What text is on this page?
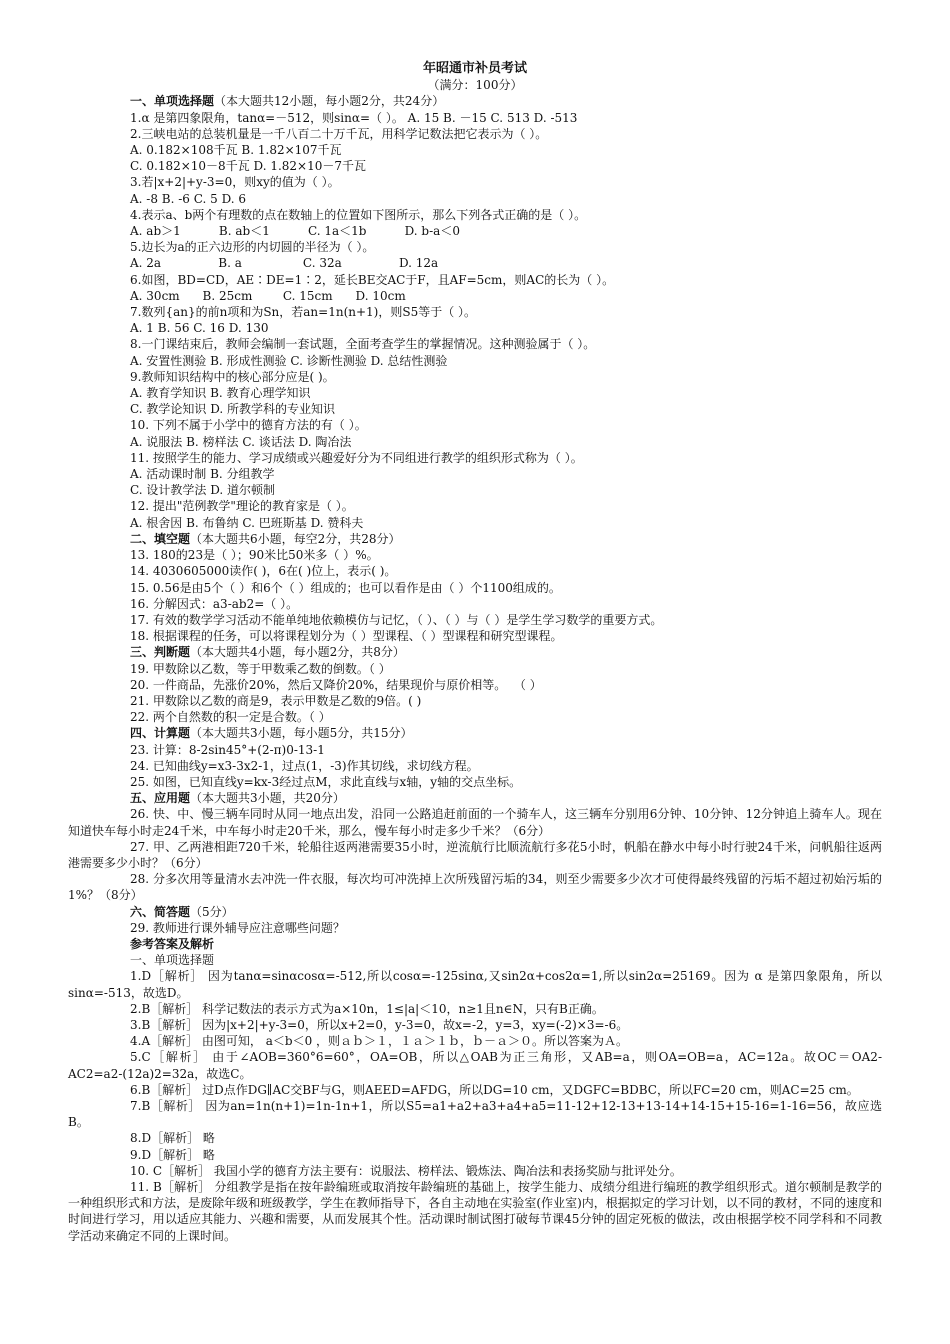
年昭通市补员考试
（满分：100分）
一、单项选择题（本大题共12小题，每小题2分，共24分）
1.α 是第四象限角，tanα=－512，则sinα=（ ）。 A. 15 B. －15 C. 513 D. -513
2.三峡电站的总装机量是一千八百二十万千瓦，用科学记数法把它表示为（ ）。
A. 0.182×108千瓦 B. 1.82×107千瓦
C. 0.182×10－8千瓦 D. 1.82×10－7千瓦
3.若|x+2|+y-3=0，则xy的值为（ ）。
A. -8 B. -6 C. 5 D. 6
4.表示a、b两个有理数的点在数轴上的位置如下图所示，那么下列各式正确的是（ ）。
A. ab＞1          B. ab＜1          C. 1a＜1b          D. b-a＜0
5.边长为a的正六边形的内切圆的半径为（ ）。
A. 2a               B. a                C. 32a               D. 12a
6.如图，BD=CD，AE∶DE=1∶2，延长BE交AC于F，且AF=5cm，则AC的长为（ ）。
A. 30cm      B. 25cm        C. 15cm      D. 10cm
7.数列{an}的前n项和为Sn，若an=1n(n+1)，则S5等于（ ）。
A. 1 B. 56 C. 16 D. 130
8.一门课结束后，教师会编制一套试题，全面考查学生的掌握情况。这种测验属于（ ）。
A. 安置性测验 B. 形成性测验 C. 诊断性测验 D. 总结性测验
9.教师知识结构中的核心部分应是( )。
A. 教育学知识 B. 教育心理学知识
C. 教学论知识 D. 所教学科的专业知识
10. 下列不属于小学中的德育方法的有（ ）。
A. 说服法 B. 榜样法 C. 谈话法 D. 陶冶法
11. 按照学生的能力、学习成绩或兴趣爱好分为不同组进行教学的组织形式称为（ ）。
A. 活动课时制 B. 分组教学
C. 设计教学法 D. 道尔顿制
12. 提出"范例教学"理论的教育家是（ ）。
A. 根舍因 B. 布鲁纳 C. 巴班斯基 D. 赞科夫
二、填空题（本大题共6小题，每空2分，共28分）
13. 180的23是（ ）；90米比50米多（ ）%。
14. 4030605000读作( )，6在( )位上，表示( )。
15. 0.56是由5个（ ）和6个（ ）组成的；也可以看作是由（ ）个1100组成的。
16. 分解因式：a3-ab2=（ ）。
17. 有效的数学学习活动不能单纯地依赖模仿与记忆，（ ）、（ ）与（ ）是学生学习数学的重要方式。
18. 根据课程的任务，可以将课程划分为（ ）型课程、（ ）型课程和研究型课程。
三、判断题（本大题共4小题，每小题2分，共8分）
19. 甲数除以乙数，等于甲数乘乙数的倒数。（ ）
20. 一件商品，先涨价20%，然后又降价20%，结果现价与原价相等。  （ ）
21. 甲数除以乙数的商是9，表示甲数是乙数的9倍。( )
22. 两个自然数的积一定是合数。（ ）
四、计算题（本大题共3小题，每小题5分，共15分）
23. 计算：8-2sin45°+(2-π)0-13-1
24. 已知曲线y=x3-3x2-1，过点(1，-3)作其切线，求切线方程。
25. 如图，已知直线y=kx-3经过点M，求此直线与x轴，y轴的交点坐标。
五、应用题（本大题共3小题，共20分）
26. 快、中、慢三辆车同时从同一地点出发，沿同一公路追赶前面的一个骑车人，这三辆车分别用6分钟、10分钟、12分钟追上骑车人。现在知道快车每小时走24千米，中车每小时走20千米，那么，慢车每小时走多少千米？（6分）
27. 甲、乙两港相距720千米，轮船往返两港需要35小时，逆流航行比顺流航行多花5小时，帆船在静水中每小时行驶24千米，问帆船往返两港需要多少小时？（6分）
28. 分多次用等量清水去冲洗一件衣服，每次均可冲洗掉上次所残留污垢的34，则至少需要多少次才可使得最终残留的污垢不超过初始污垢的1%？（8分）
六、简答题（5分）
29. 教师进行课外辅导应注意哪些问题？
参考答案及解析
一、单项选择题
1.D［解析］ 因为tanα=sinαcosα=-512,所以cosα=-125sinα,又sin2α+cos2α=1,所以sin2α=25169。因为 α 是第四象限角，所以sinα=-513，故选D。
2.B［解析］ 科学记数法的表示方式为a×10n，1≤|a|＜10，n≥1且n∈N，只有B正确。
3.B［解析］ 因为|x+2|+y-3=0，所以x+2=0，y-3=0，故x=-2，y=3，xy=(-2)×3=-6。
4.A［解析］ 由图可知， a＜b＜0 ，则ａｂ＞１，１ａ＞１ｂ，ｂ－ａ＞０。所以答案为Ａ。
5.C［解析］ 由于∠AOB=360°6=60°，OA=OB，所以△OAB为正三角形，又AB=a，则OA=OB=a，AC=12a。故OC＝OA2-AC2=a2-(12a)2=32a，故选C。
6.B［解析］ 过D点作DG∥AC交BF与G，则AEED=AFDG，所以DG=10 cm，又DGFC=BDBC，所以FC=20 cm，则AC=25 cm。
7.B［解析］ 因为an=1n(n+1)=1n-1n+1，所以S5=a1+a2+a3+a4+a5=11-12+12-13+13-14+14-15+15-16=1-16=56，故应选B。
8.D［解析］ 略
9.D［解析］ 略
10. C［解析］ 我国小学的德育方法主要有：说服法、榜样法、锻炼法、陶冶法和表扬奖励与批评处分。
11. B［解析］ 分组教学是指在按年龄编班或取消按年龄编班的基础上，按学生能力、成绩分组进行编班的教学组织形式。道尔顿制是教学的一种组织形式和方法，是废除年级和班级教学，学生在教师指导下，各自主动地在实验室(作业室)内，根据拟定的学习计划，以不同的教材，不同的速度和时间进行学习，用以适应其能力、兴趣和需要，从而发展其个性。活动课时制试图打破每节课45分钟的固定死板的做法，改由根据学校不同学科和不同教学活动来确定不同的上课时间。
